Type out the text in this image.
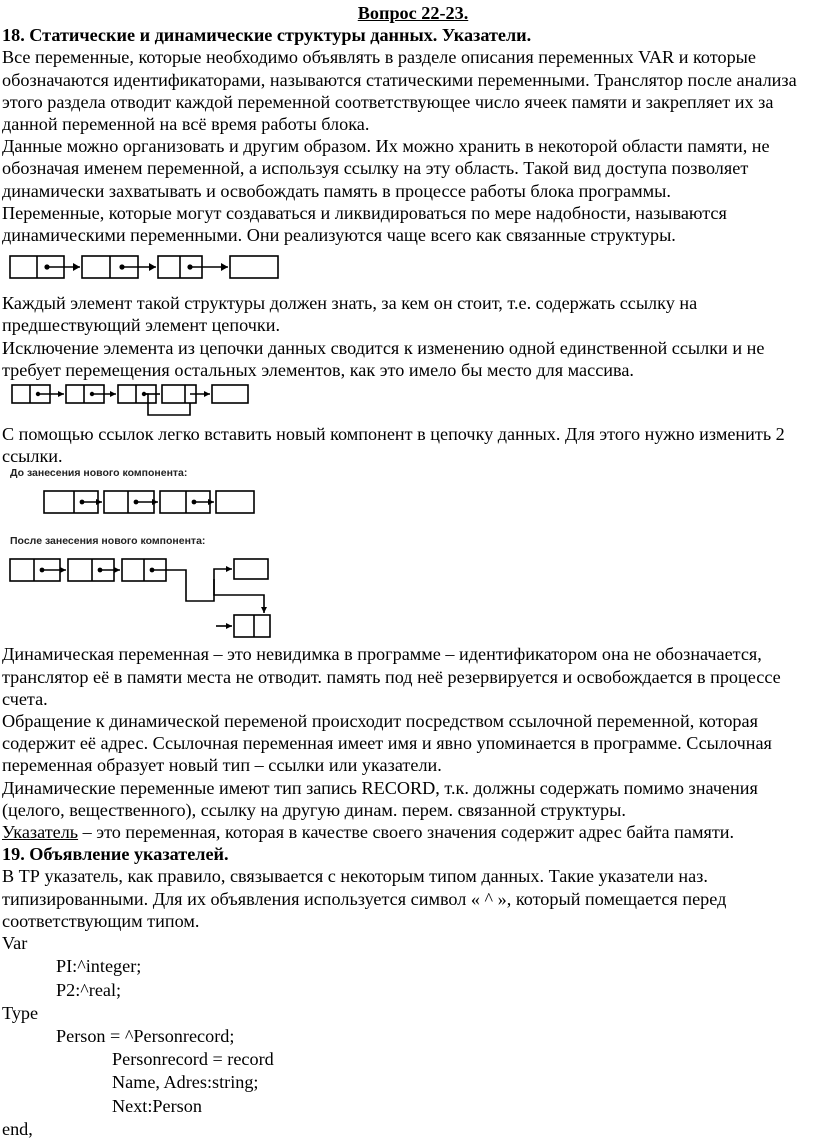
Вопрос 22-23.

18. Статические и динамические структуры данных. Указатели.

Все переменные, которые необходимо объявлять в разделе описания переменных VAR и которые обозначаются идентификаторами, называются статическими переменными. Транслятор после анализа этого раздела отводит каждой переменной соответствующее число ячеек памяти и закрепляет их за данной переменной на всё время работы блока.

Данные можно организовать и другим образом. Их можно хранить в некоторой области памяти, не обозначая именем переменной, а используя ссылку на эту область. Такой вид доступа позволяет динамически захватывать и освобождать память в процессе работы блока программы.

Переменные, которые могут создаваться и ликвидироваться по мере надобности, называются динамическими переменными. Они реализуются чаще всего как связанные структуры.

Каждый элемент такой структуры должен знать, за кем он стоит, т.е. содержать ссылку на предшествующий элемент цепочки.

Исключение элемента из цепочки данных сводится к изменению одной единственной ссылки и не требует перемещения остальных элементов, как это имело бы место для массива.

С помощью ссылок легко вставить новый компонент в цепочку данных. Для этого нужно изменить 2 ссылки.

До занесения нового компонента:
После занесения нового компонента:

Динамическая переменная – это невидимка в программе – идентификатором она не обозначается, транслятор её в памяти места не отводит. память под неё резервируется и освобождается в процессе счета.

Обращение к динамической переменой происходит посредством ссылочной переменной, которая содержит её адрес. Ссылочная переменная имеет имя и явно упоминается в программе. Ссылочная переменная образует новый тип – ссылки или указатели.

Динамические переменные имеют тип запись RECORD, т.к. должны содержать помимо значения (целого, вещественного), ссылку на другую динам. перем. связанной структуры.

Указатель – это переменная, которая в качестве своего значения содержит адрес байта памяти.

19. Объявление указателей.

В ТР указатель, как правило, связывается с некоторым типом данных. Такие указатели наз. типизированными. Для их объявления используется символ « ^ », который помещается перед соответствующим типом.

Var
PI:^integer;
P2:^real;
Type
Person = ^Personrecord;
Personrecord = record
Name, Adres:string;
Next:Person
end,
